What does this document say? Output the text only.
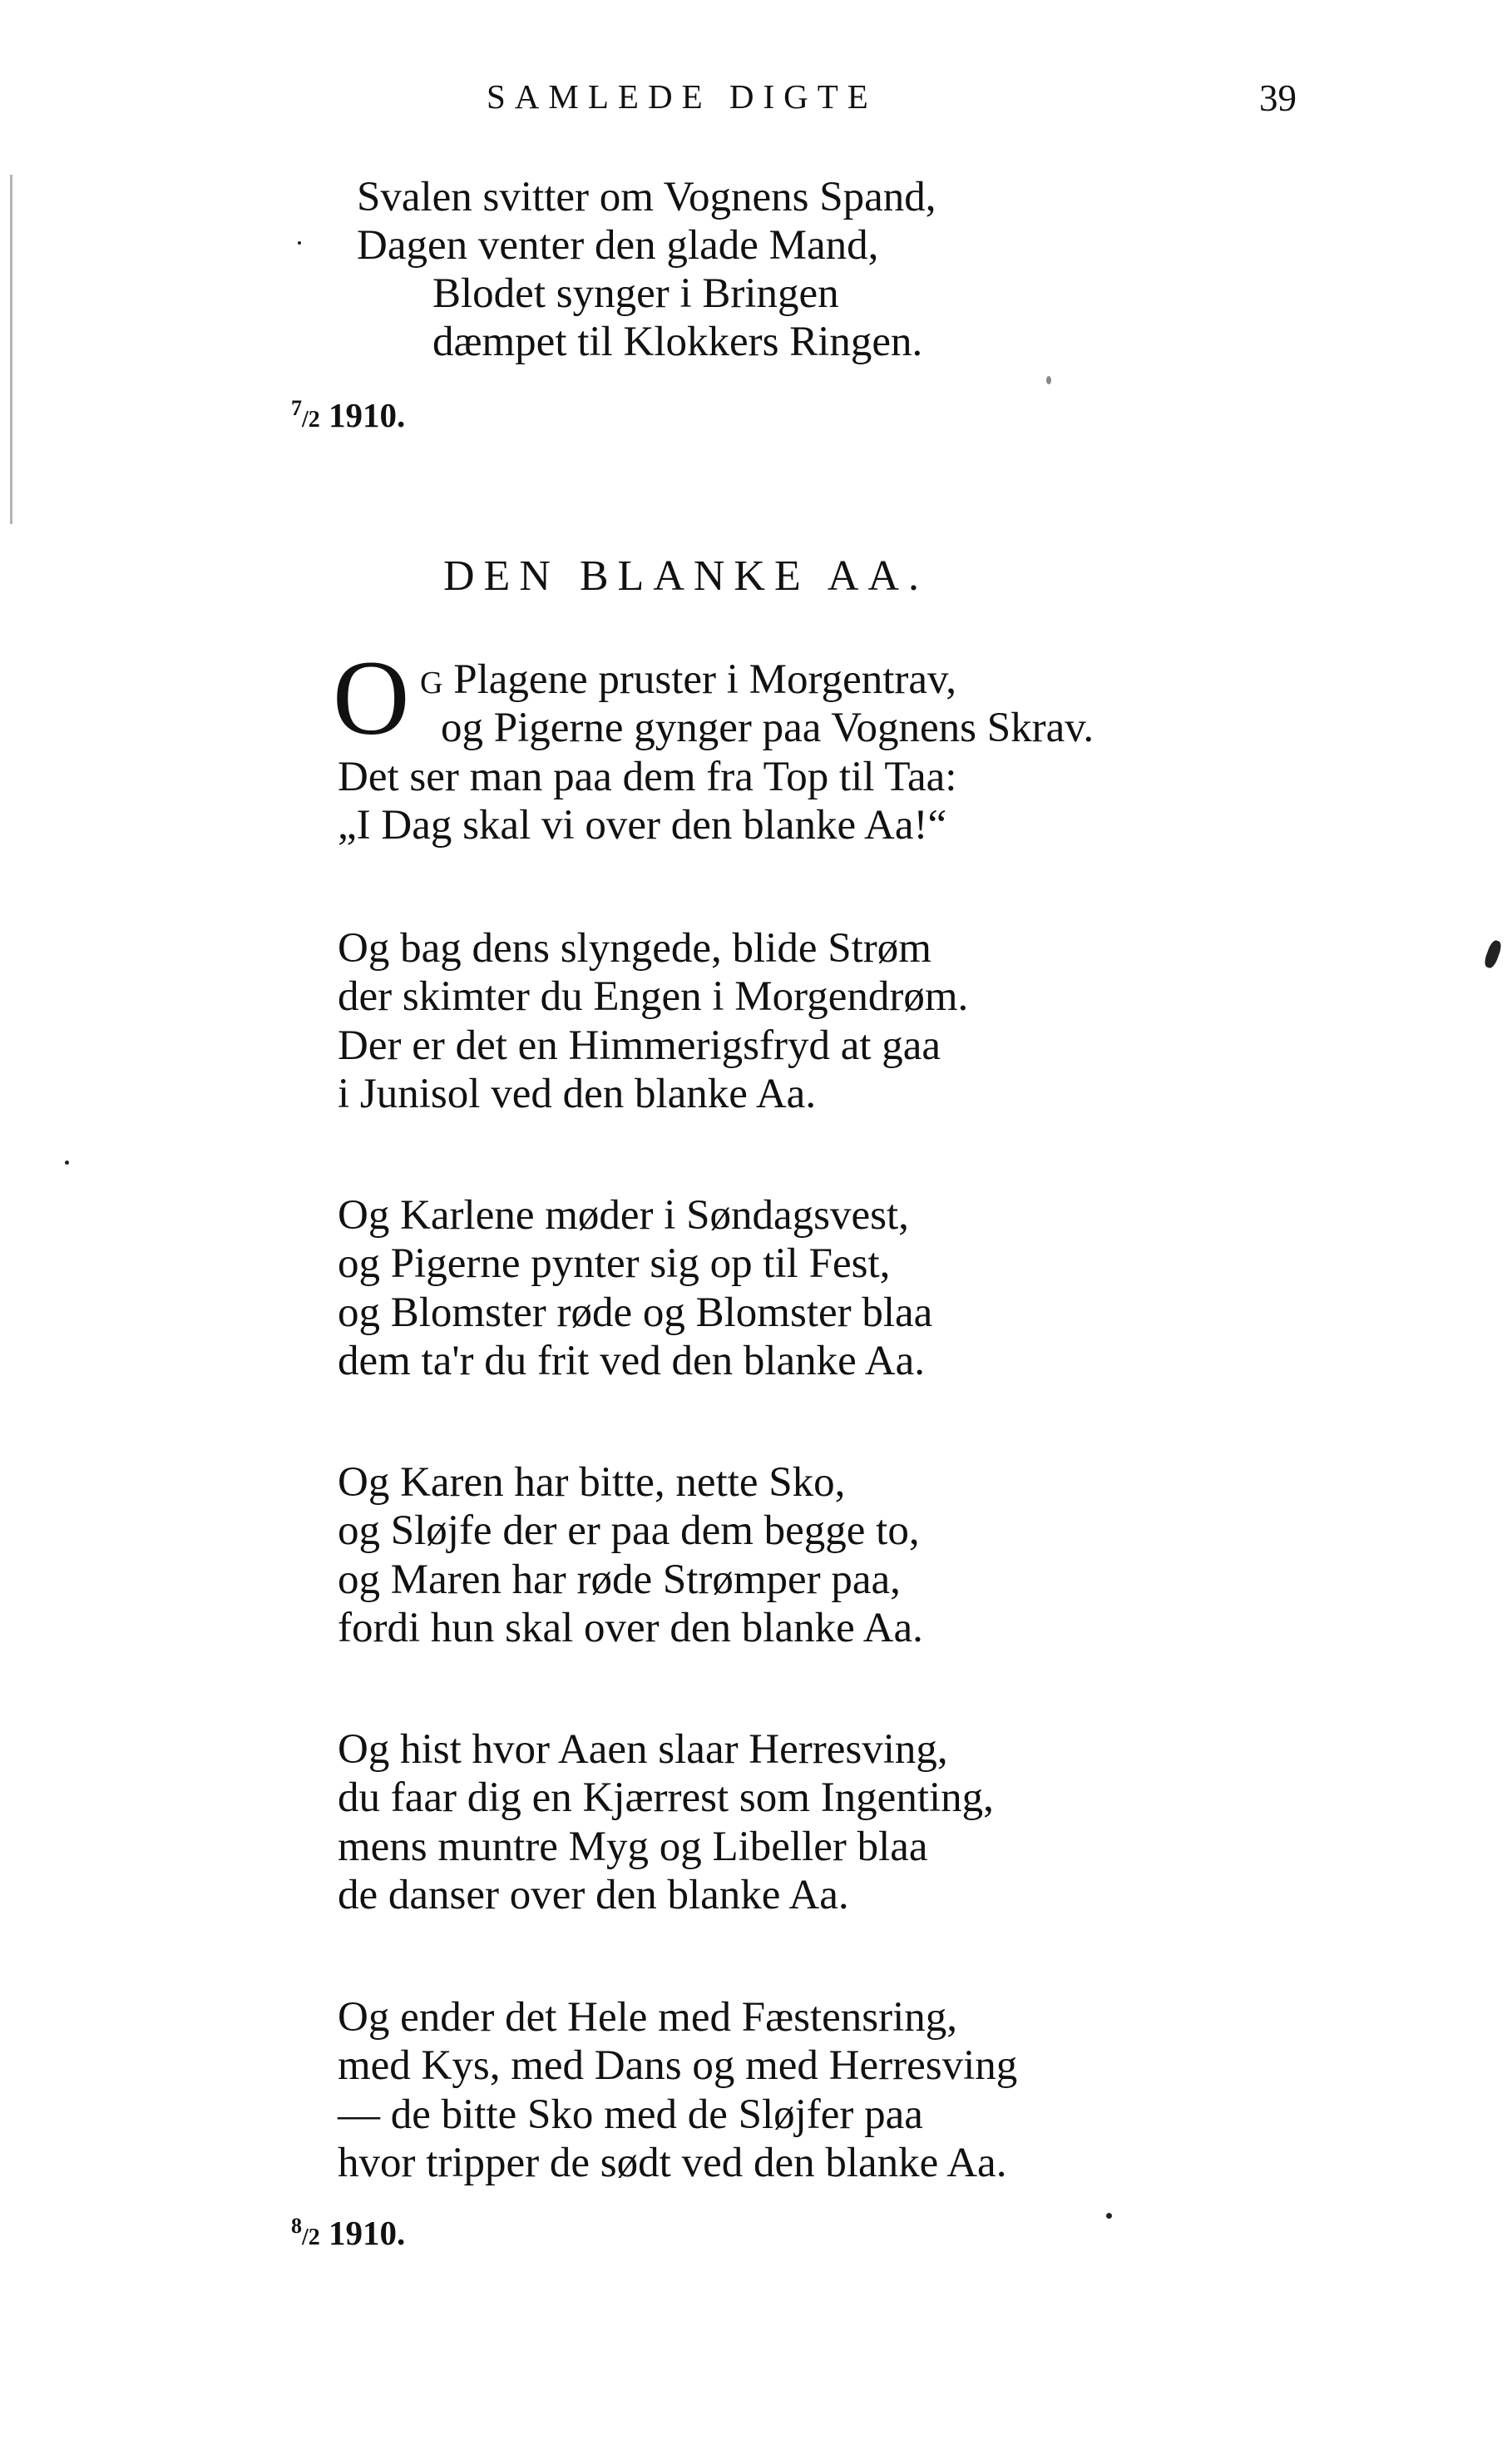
SAMLEDE DIGTE	39
Svalen svitter om Vognens Spand,
Dagen venter den glade Mand,
Blodet synger i Bringen
dæmpet til Klokkers Ringen.
$^7$/2 1910.
DEN BLANKE AA.
O G Plagene pruster i Morgentrav,
og Pigerne gynger paa Vognens Skrav.
Det ser man paa dem fra Top til Taa:
„I Dag skal vi over den blanke Aa!“
Og bag dens slyngede, blide Strøm
der skimter du Engen i Morgendrøm.
Der er det en Himmerigsfryd at gaa
i Junisol ved den blanke Aa.
Og Karlene møder i Søndagsvest,
og Pigerne pynter sig op til Fest,
og Blomster røde og Blomster blaa
dem ta'r du frit ved den blanke Aa.
Og Karen har bitte, nette Sko,
og Sløjfe der er paa dem begge to,
og Maren har røde Strømper paa,
fordi hun skal over den blanke Aa.
Og hist hvor Aaen slaar Herresving,
du faar dig en Kjærrest som Ingenting,
mens muntre Myg og Libeller blaa
de danser over den blanke Aa.
Og ender det Hele med Fæstensring,
med Kys, med Dans og med Herresving
— de bitte Sko med de Sløjfer paa
hvor tripper de sødt ved den blanke Aa.
$^8$/2 1910.
